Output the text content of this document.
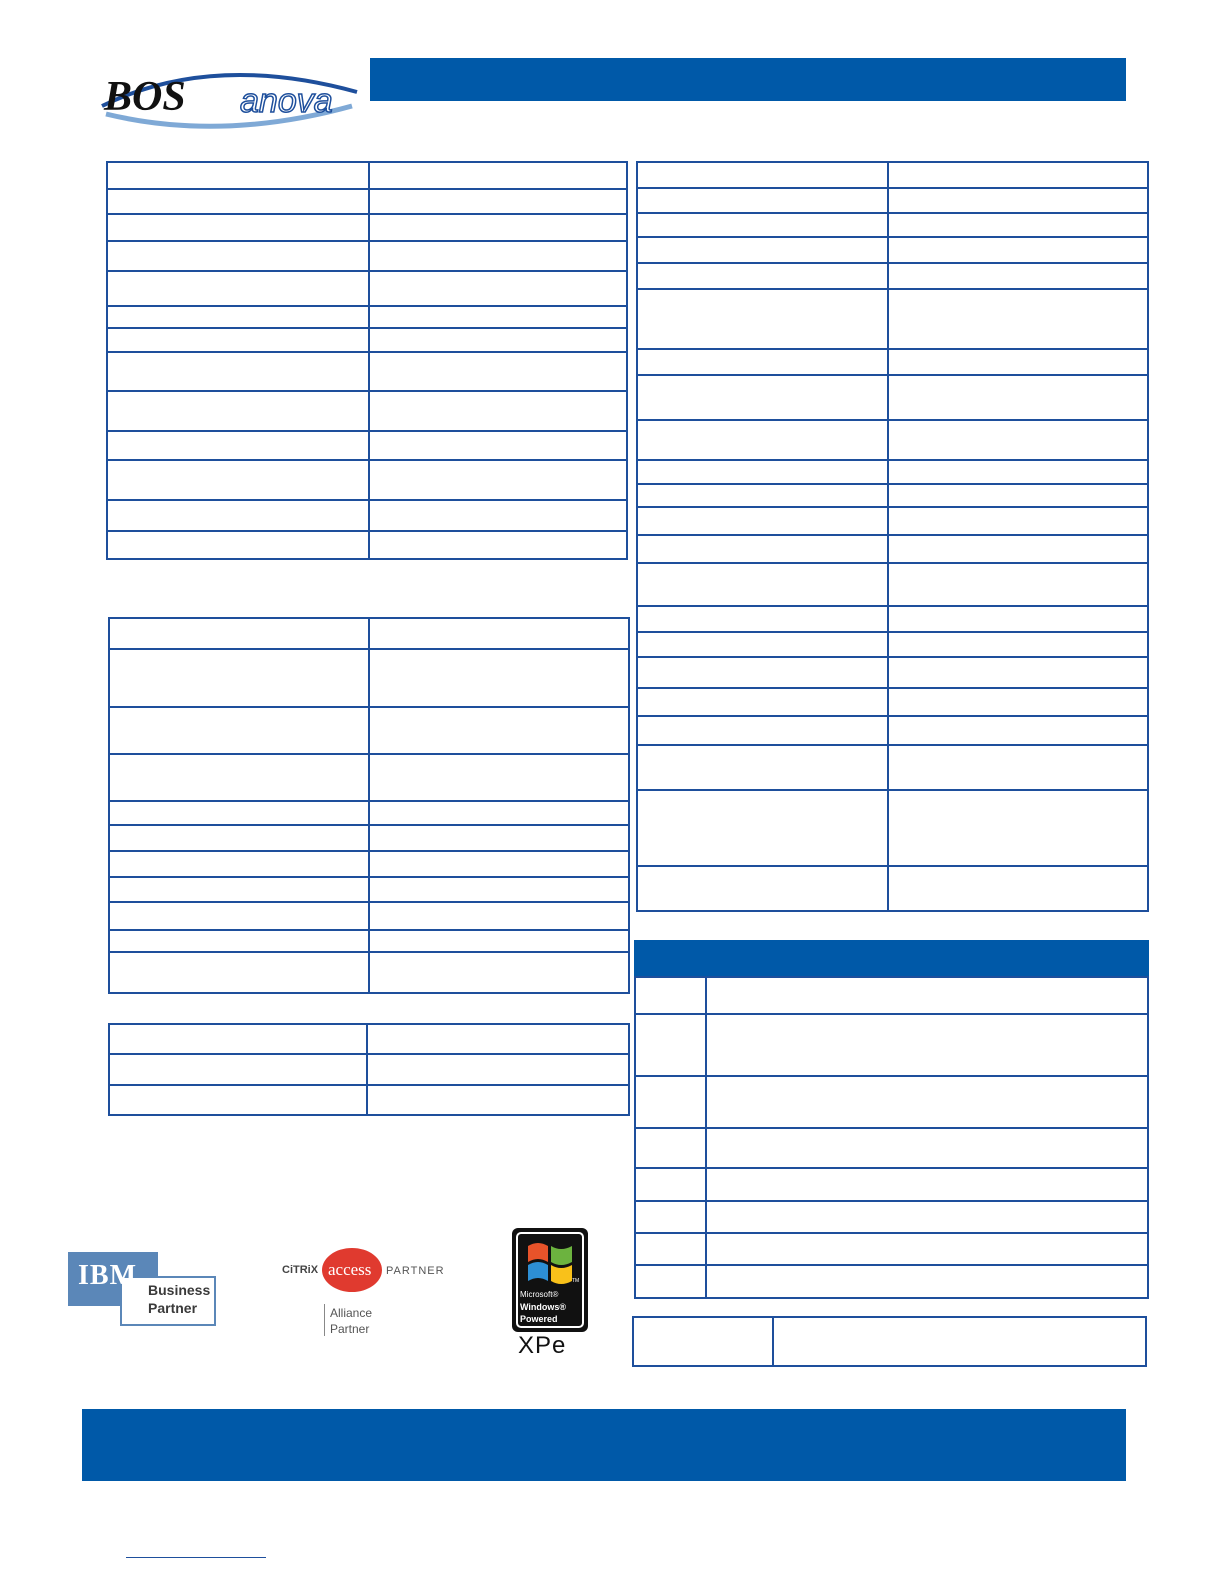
BOS anova
IBM Business
Partner
CiTRiX access PARTNER
Alliance
Partner
TM
Microsoft®
Windows®
Powered
XPe
